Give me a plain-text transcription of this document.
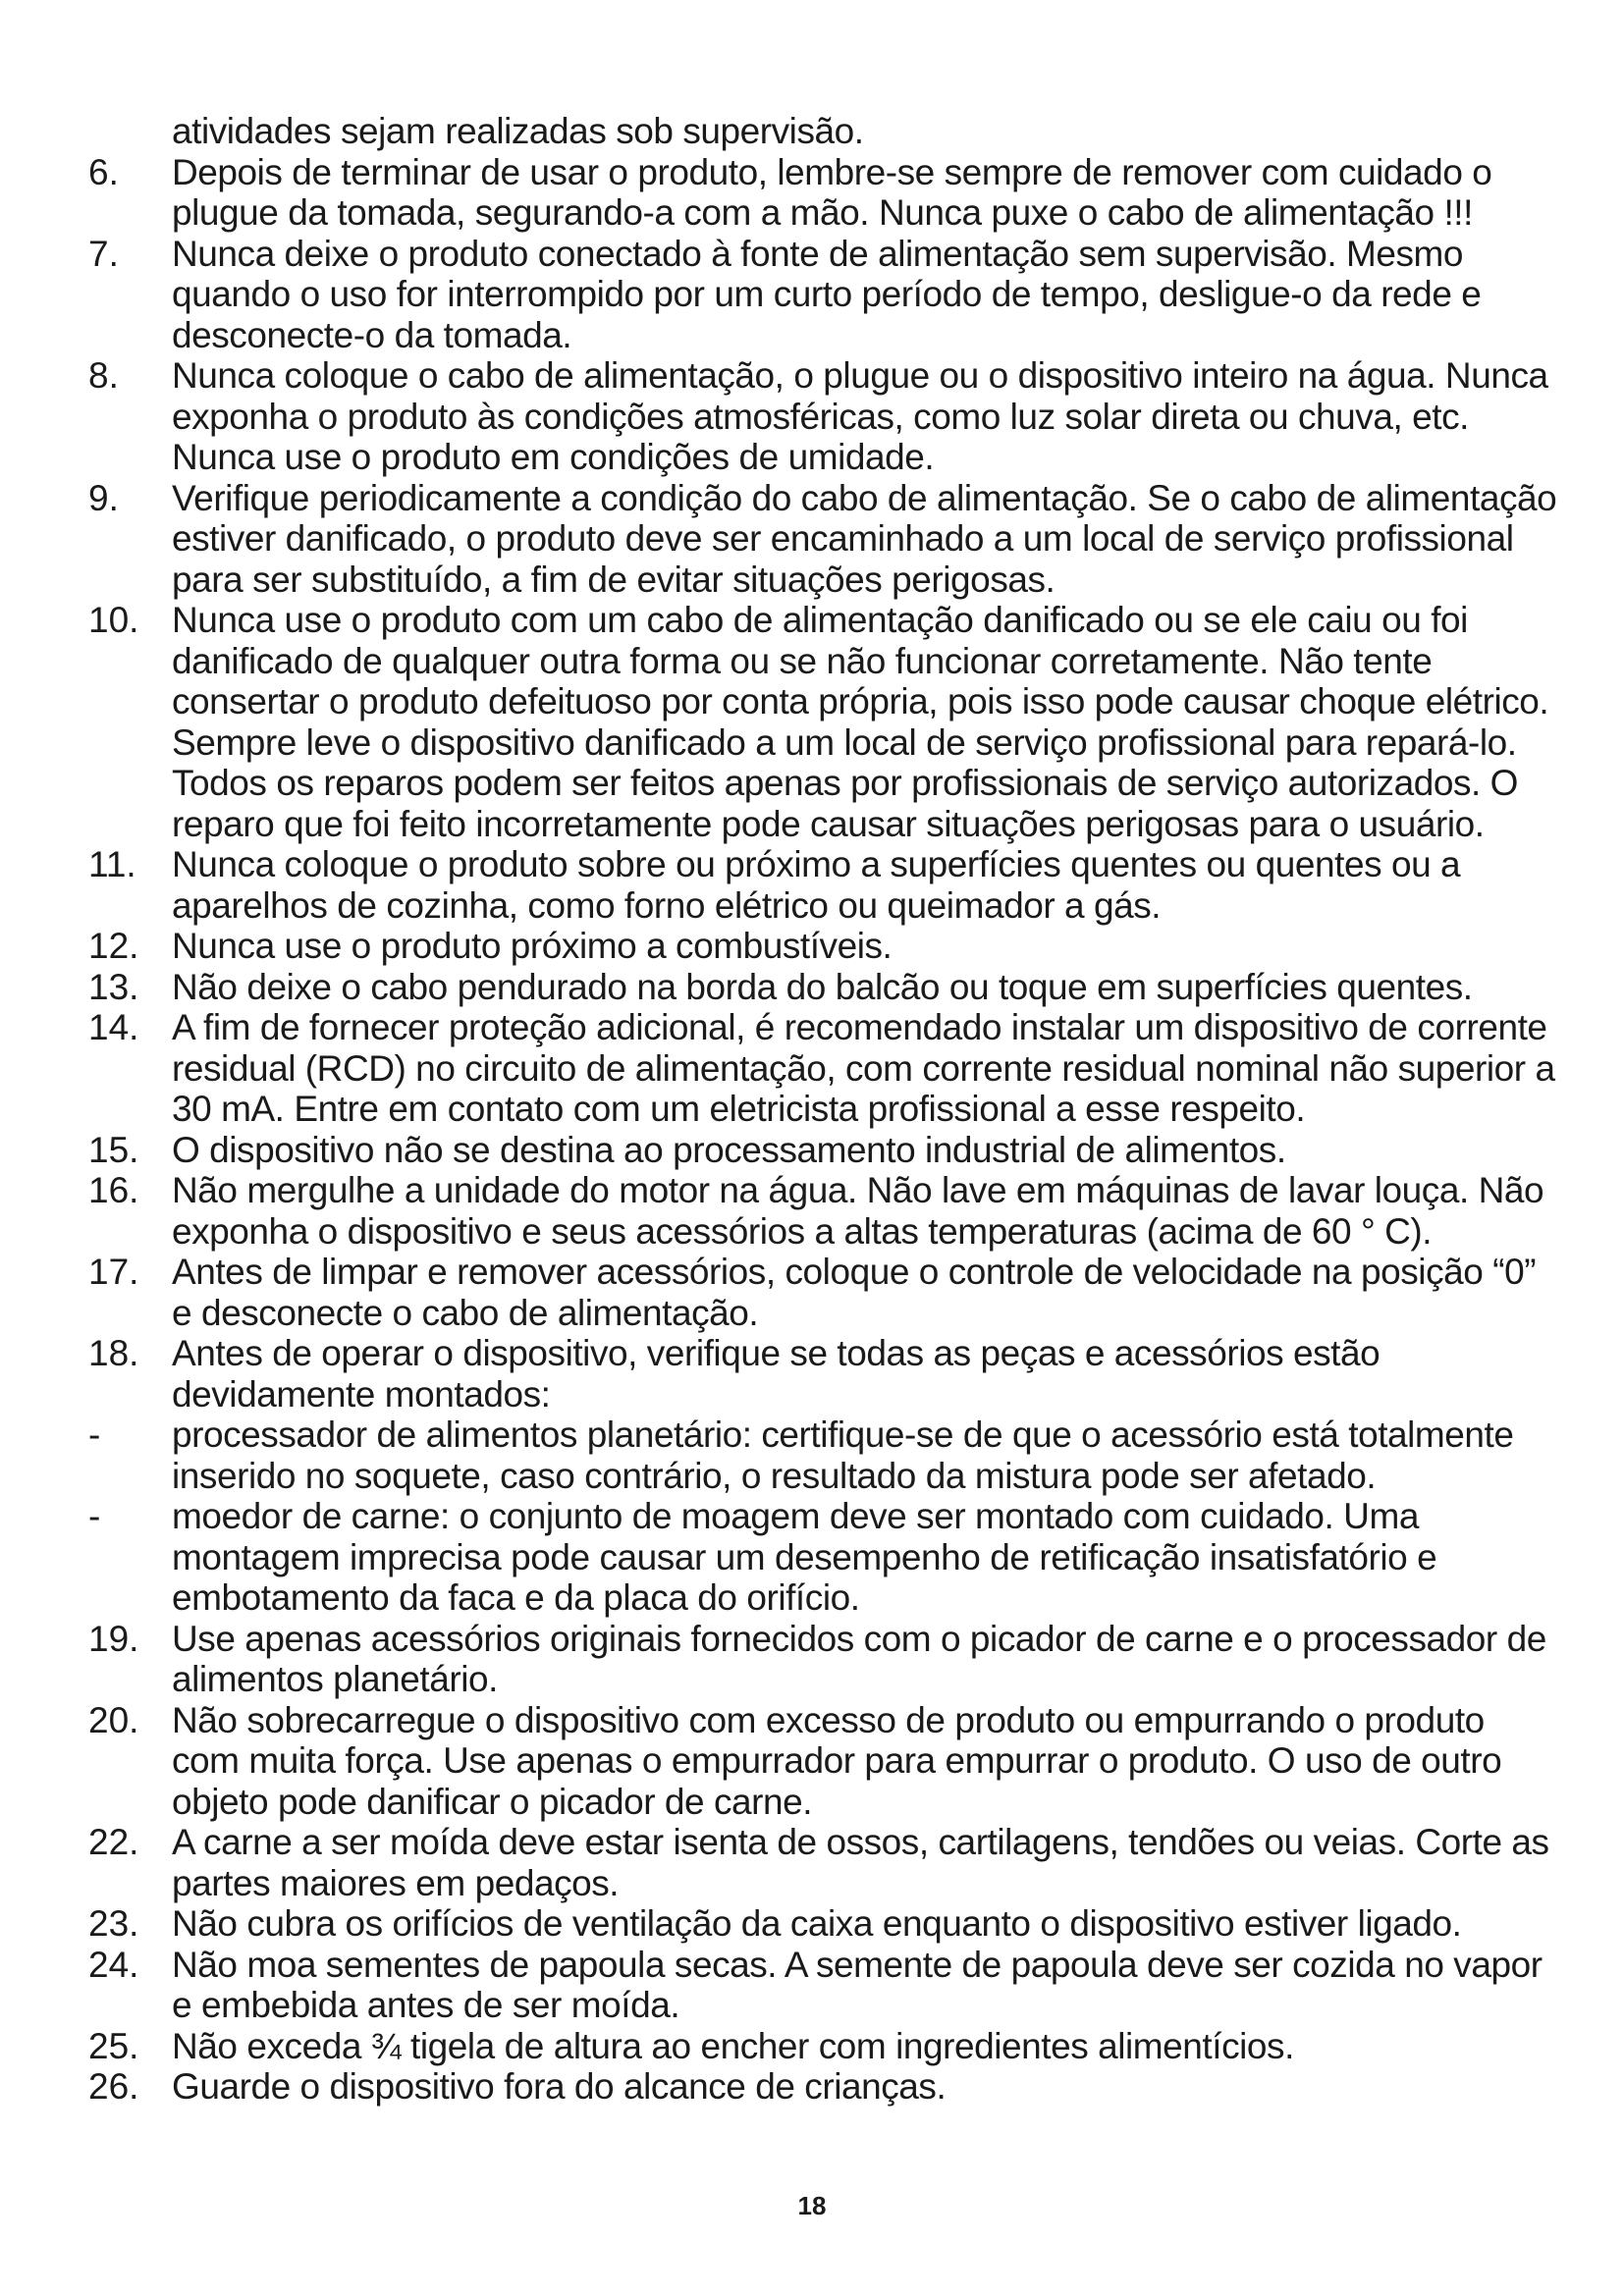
atividades sejam realizadas sob supervisão.

6. Depois de terminar de usar o produto, lembre-se sempre de remover com cuidado o plugue da tomada, segurando-a com a mão. Nunca puxe o cabo de alimentação !!!
7. Nunca deixe o produto conectado à fonte de alimentação sem supervisão. Mesmo quando o uso for interrompido por um curto período de tempo, desligue-o da rede e desconecte-o da tomada.
8. Nunca coloque o cabo de alimentação, o plugue ou o dispositivo inteiro na água. Nunca exponha o produto às condições atmosféricas, como luz solar direta ou chuva, etc. Nunca use o produto em condições de umidade.
9. Verifique periodicamente a condição do cabo de alimentação. Se o cabo de alimentação estiver danificado, o produto deve ser encaminhado a um local de serviço profissional para ser substituído, a fim de evitar situações perigosas.
10. Nunca use o produto com um cabo de alimentação danificado ou se ele caiu ou foi danificado de qualquer outra forma ou se não funcionar corretamente. Não tente consertar o produto defeituoso por conta própria, pois isso pode causar choque elétrico. Sempre leve o dispositivo danificado a um local de serviço profissional para repará-lo. Todos os reparos podem ser feitos apenas por profissionais de serviço autorizados. O reparo que foi feito incorretamente pode causar situações perigosas para o usuário.
11. Nunca coloque o produto sobre ou próximo a superfícies quentes ou quentes ou a aparelhos de cozinha, como forno elétrico ou queimador a gás.
12. Nunca use o produto próximo a combustíveis.
13. Não deixe o cabo pendurado na borda do balcão ou toque em superfícies quentes.
14. A fim de fornecer proteção adicional, é recomendado instalar um dispositivo de corrente residual (RCD) no circuito de alimentação, com corrente residual nominal não superior a 30 mA. Entre em contato com um eletricista profissional a esse respeito.
15. O dispositivo não se destina ao processamento industrial de alimentos.
16. Não mergulhe a unidade do motor na água. Não lave em máquinas de lavar louça. Não exponha o dispositivo e seus acessórios a altas temperaturas (acima de 60 ° C).
17. Antes de limpar e remover acessórios, coloque o controle de velocidade na posição “0” e desconecte o cabo de alimentação.
18. Antes de operar o dispositivo, verifique se todas as peças e acessórios estão devidamente montados:
- processador de alimentos planetário: certifique-se de que o acessório está totalmente inserido no soquete, caso contrário, o resultado da mistura pode ser afetado.
- moedor de carne: o conjunto de moagem deve ser montado com cuidado. Uma montagem imprecisa pode causar um desempenho de retificação insatisfatório e embotamento da faca e da placa do orifício.
19. Use apenas acessórios originais fornecidos com o picador de carne e o processador de alimentos planetário.
20. Não sobrecarregue o dispositivo com excesso de produto ou empurrando o produto com muita força. Use apenas o empurrador para empurrar o produto. O uso de outro objeto pode danificar o picador de carne.
22. A carne a ser moída deve estar isenta de ossos, cartilagens, tendões ou veias. Corte as partes maiores em pedaços.
23. Não cubra os orifícios de ventilação da caixa enquanto o dispositivo estiver ligado.
24. Não moa sementes de papoula secas. A semente de papoula deve ser cozida no vapor e embebida antes de ser moída.
25. Não exceda ¾ tigela de altura ao encher com ingredientes alimentícios.
26. Guarde o dispositivo fora do alcance de crianças.
18
